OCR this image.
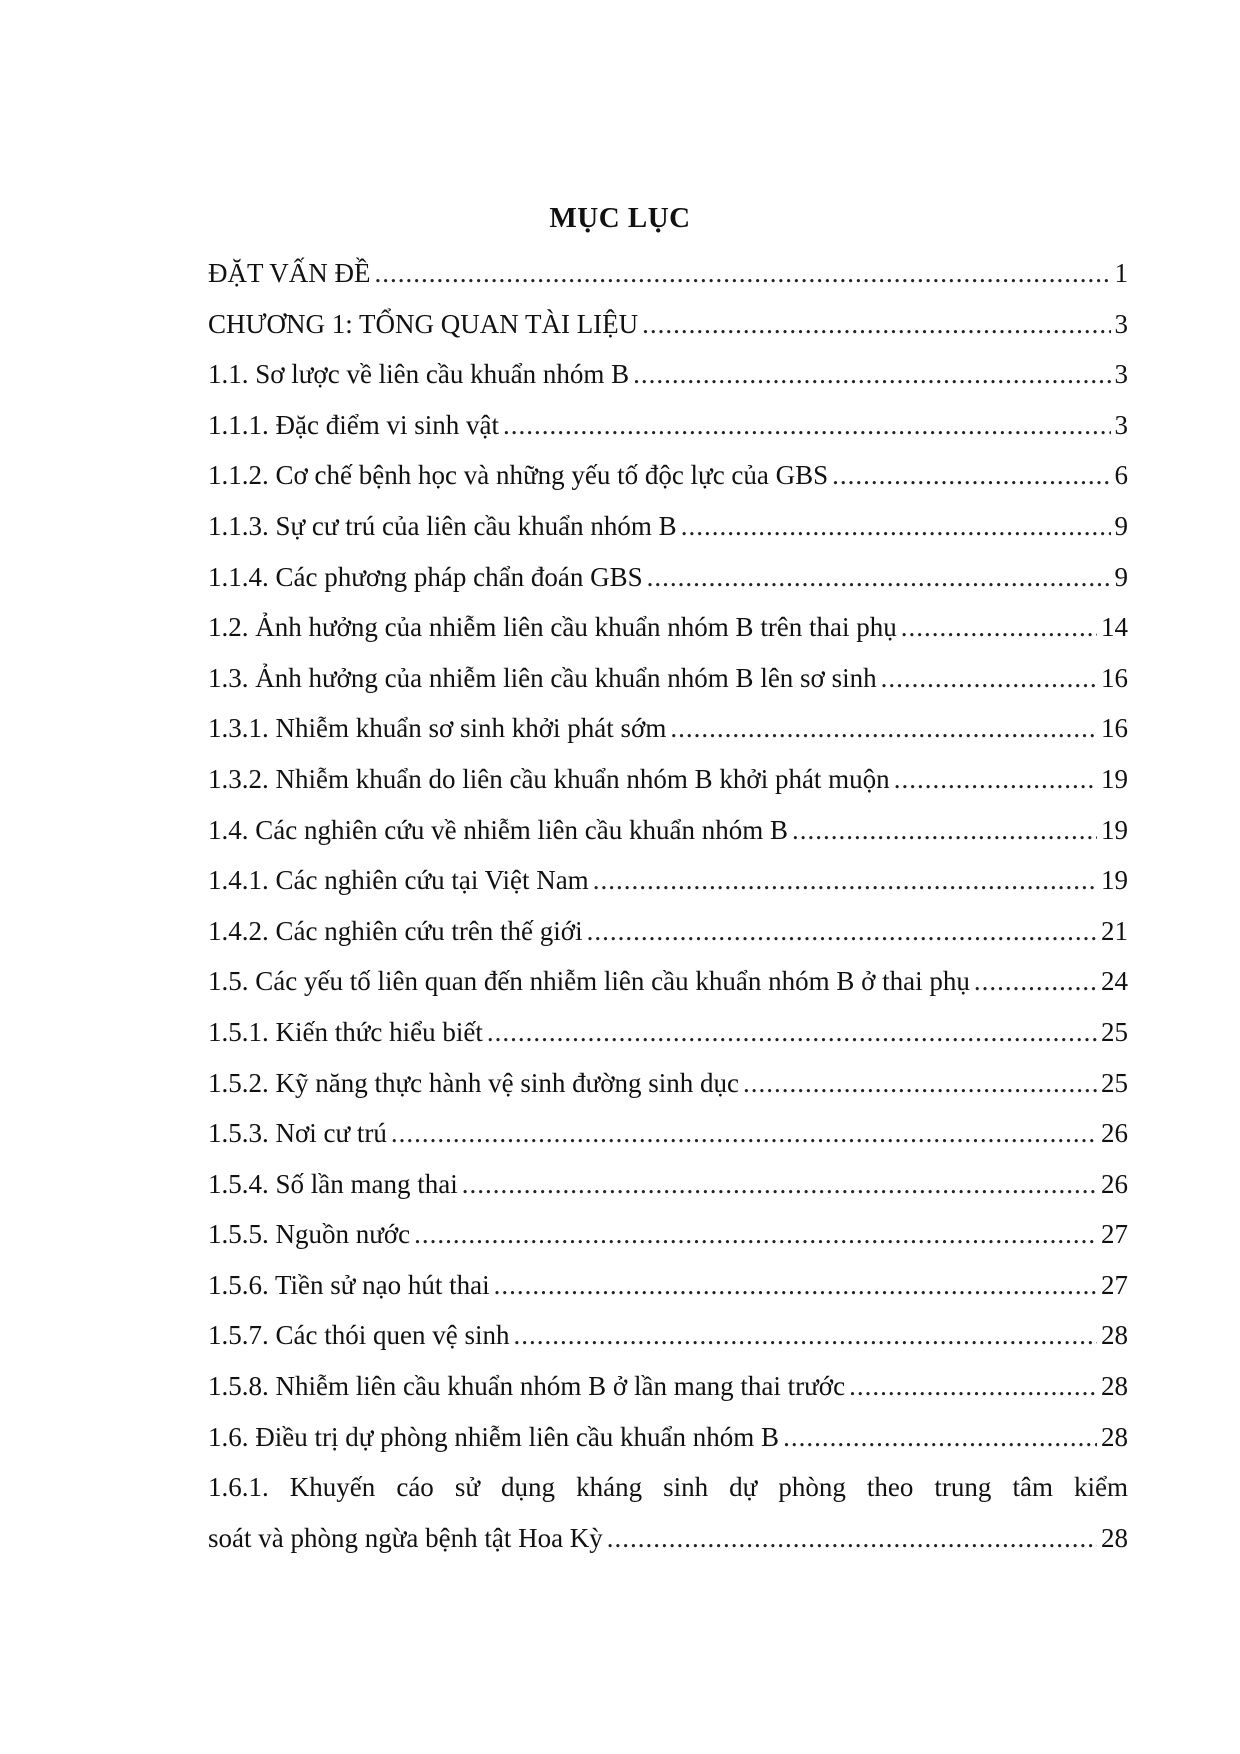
MỤC LỤC
ĐẶT VẤN ĐỀ .....	1
CHƯƠNG 1: TỔNG QUAN TÀI LIỆU .....	3
1.1. Sơ lược về liên cầu khuẩn nhóm B .....	3
1.1.1. Đặc điểm vi sinh vật .....	3
1.1.2. Cơ chế bệnh học và những yếu tố độc lực của GBS .....	6
1.1.3. Sự cư trú của liên cầu khuẩn nhóm B .....	9
1.1.4. Các phương pháp chẩn đoán GBS .....	9
1.2. Ảnh hưởng của nhiễm liên cầu khuẩn nhóm B trên thai phụ .....	14
1.3. Ảnh hưởng của nhiễm liên cầu khuẩn nhóm B lên sơ sinh .....	16
1.3.1. Nhiễm khuẩn sơ sinh khởi phát sớm .....	16
1.3.2. Nhiễm khuẩn do liên cầu khuẩn nhóm B khởi phát muộn .....	19
1.4. Các nghiên cứu về nhiễm liên cầu khuẩn nhóm B .....	19
1.4.1. Các nghiên cứu tại Việt Nam .....	19
1.4.2. Các nghiên cứu trên thế giới .....	21
1.5. Các yếu tố liên quan đến nhiễm liên cầu khuẩn nhóm B ở thai phụ .....	24
1.5.1. Kiến thức hiểu biết .....	25
1.5.2. Kỹ năng thực hành vệ sinh đường sinh dục .....	25
1.5.3. Nơi cư trú .....	26
1.5.4. Số lần mang thai .....	26
1.5.5. Nguồn nước .....	27
1.5.6. Tiền sử nạo hút thai .....	27
1.5.7. Các thói quen vệ sinh .....	28
1.5.8. Nhiễm liên cầu khuẩn nhóm B ở lần mang thai trước .....	28
1.6. Điều trị dự phòng nhiễm liên cầu khuẩn nhóm B .....	28
1.6.1. Khuyến cáo sử dụng kháng sinh dự phòng theo trung tâm kiểm
soát và phòng ngừa bệnh tật Hoa Kỳ .....	28
